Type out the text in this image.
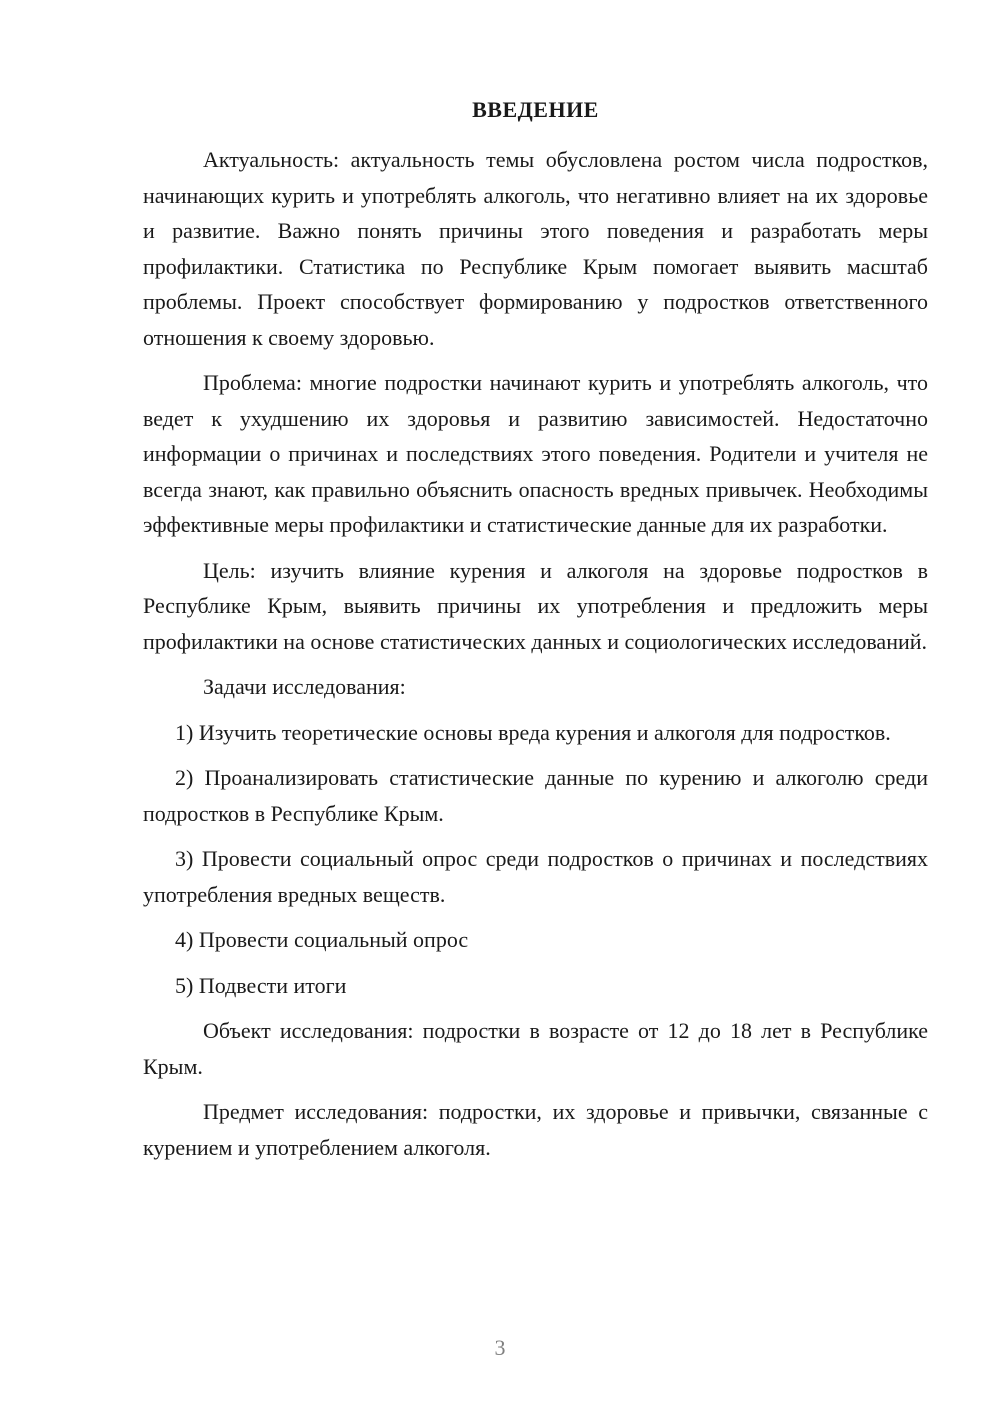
ВВЕДЕНИЕ

Актуальность: актуальность темы обусловлена ростом числа подростков, начинающих курить и употреблять алкоголь, что негативно влияет на их здоровье и развитие. Важно понять причины этого поведения и разработать меры профилактики. Статистика по Республике Крым помогает выявить масштаб проблемы. Проект способствует формированию у подростков ответственного отношения к своему здоровью.

Проблема: многие подростки начинают курить и употреблять алкоголь, что ведет к ухудшению их здоровья и развитию зависимостей. Недостаточно информации о причинах и последствиях этого поведения. Родители и учителя не всегда знают, как правильно объяснить опасность вредных привычек. Необходимы эффективные меры профилактики и статистические данные для их разработки.

Цель: изучить влияние курения и алкоголя на здоровье подростков в Республике Крым, выявить причины их употребления и предложить меры профилактики на основе статистических данных и социологических исследований.

Задачи исследования:

1) Изучить теоретические основы вреда курения и алкоголя для подростков.

2) Проанализировать статистические данные по курению и алкоголю среди подростков в Республике Крым.

3) Провести социальный опрос среди подростков о причинах и последствиях употребления вредных веществ.

4) Провести социальный опрос

5) Подвести итоги

Объект исследования: подростки в возрасте от 12 до 18 лет в Республике Крым.

Предмет исследования: подростки, их здоровье и привычки, связанные с курением и употреблением алкоголя.

3
